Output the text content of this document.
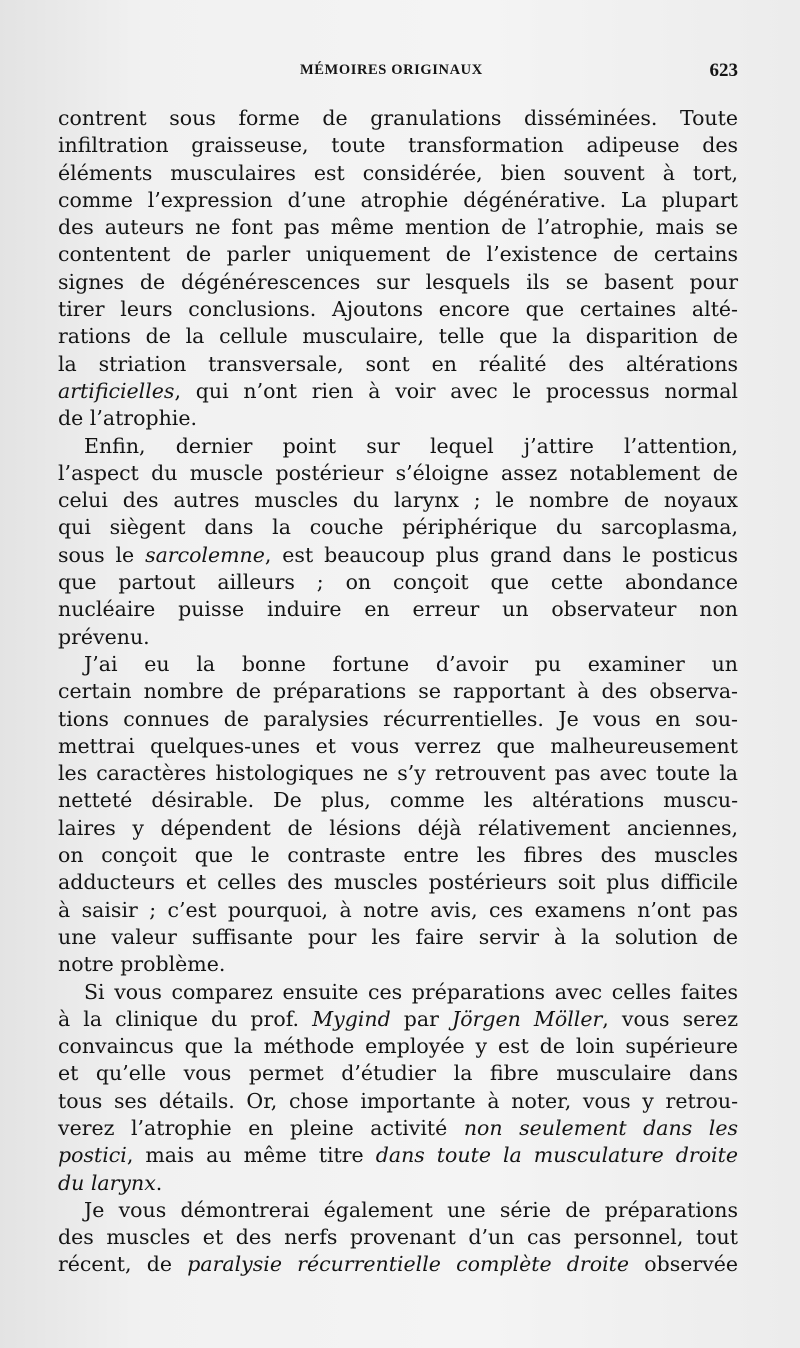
MÉMOIRES ORIGINAUX	623
contrent sous forme de granulations disséminées. Toute
infiltration graisseuse, toute transformation adipeuse des
éléments musculaires est considérée, bien souvent à tort,
comme l’expression d’une atrophie dégénérative. La plupart
des auteurs ne font pas même mention de l’atrophie, mais se
contentent de parler uniquement de l’existence de certains
signes de dégénérescences sur lesquels ils se basent pour
tirer leurs conclusions. Ajoutons encore que certaines alté-
rations de la cellule musculaire, telle que la disparition de
la striation transversale, sont en réalité des altérations
artificielles, qui n’ont rien à voir avec le processus normal
de l’atrophie.
Enfin, dernier point sur lequel j’attire l’attention,
l’aspect du muscle postérieur s’éloigne assez notablement de
celui des autres muscles du larynx ; le nombre de noyaux
qui siègent dans la couche périphérique du sarcoplasma,
sous le sarcolemne, est beaucoup plus grand dans le posticus
que partout ailleurs ; on conçoit que cette abondance
nucléaire puisse induire en erreur un observateur non
prévenu.
J’ai eu la bonne fortune d’avoir pu examiner un
certain nombre de préparations se rapportant à des observa-
tions connues de paralysies récurrentielles. Je vous en sou-
mettrai quelques-unes et vous verrez que malheureusement
les caractères histologiques ne s’y retrouvent pas avec toute la
netteté désirable. De plus, comme les altérations muscu-
laires y dépendent de lésions déjà rélativement anciennes,
on conçoit que le contraste entre les fibres des muscles
adducteurs et celles des muscles postérieurs soit plus difficile
à saisir ; c’est pourquoi, à notre avis, ces examens n’ont pas
une valeur suffisante pour les faire servir à la solution de
notre problème.
Si vous comparez ensuite ces préparations avec celles faites
à la clinique du prof. Mygind par Jörgen Möller, vous serez
convaincus que la méthode employée y est de loin supérieure
et qu’elle vous permet d’étudier la fibre musculaire dans
tous ses détails. Or, chose importante à noter, vous y retrou-
verez l’atrophie en pleine activité non seulement dans les
postici, mais au même titre dans toute la musculature droite
du larynx.
Je vous démontrerai également une série de préparations
des muscles et des nerfs provenant d’un cas personnel, tout
récent, de paralysie récurrentielle complète droite observée
